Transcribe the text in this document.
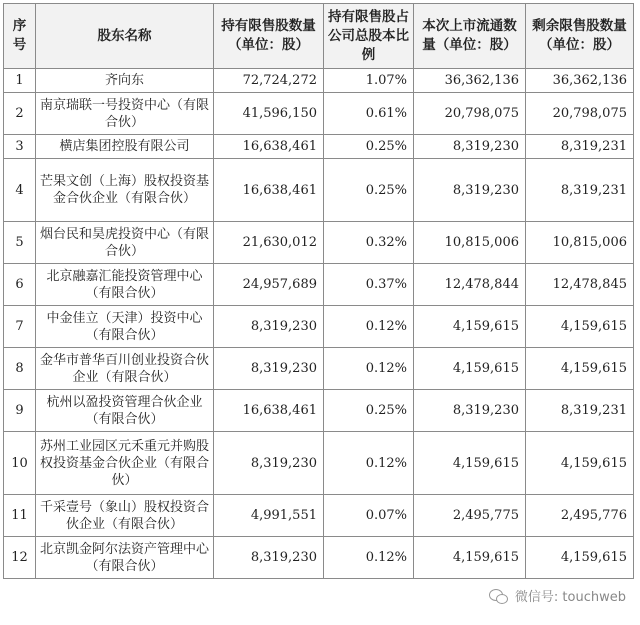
序号	股东名称	持有限售股数量（单位：股）	持有限售股占公司总股本比例	本次上市流通数量（单位：股）	剩余限售股数量（单位：股）
1	齐向东	72,724,272	1.07%	36,362,136	36,362,136
2	南京瑞联一号投资中心（有限合伙）	41,596,150	0.61%	20,798,075	20,798,075
3	横店集团控股有限公司	16,638,461	0.25%	8,319,230	8,319,231
4	芒果文创（上海）股权投资基金合伙企业（有限合伙）	16,638,461	0.25%	8,319,230	8,319,231
5	烟台民和昊虎投资中心（有限合伙）	21,630,012	0.32%	10,815,006	10,815,006
6	北京融嘉汇能投资管理中心（有限合伙）	24,957,689	0.37%	12,478,844	12,478,845
7	中金佳立（天津）投资中心（有限合伙）	8,319,230	0.12%	4,159,615	4,159,615
8	金华市普华百川创业投资合伙企业（有限合伙）	8,319,230	0.12%	4,159,615	4,159,615
9	杭州以盈投资管理合伙企业（有限合伙）	16,638,461	0.25%	8,319,230	8,319,231
10	苏州工业园区元禾重元并购股权投资基金合伙企业（有限合伙）	8,319,230	0.12%	4,159,615	4,159,615
11	千采壹号（象山）股权投资合伙企业（有限合伙）	4,991,551	0.07%	2,495,775	2,495,776
12	北京凯金阿尔法资产管理中心（有限合伙）	8,319,230	0.12%	4,159,615	4,159,615
微信号: touchweb
